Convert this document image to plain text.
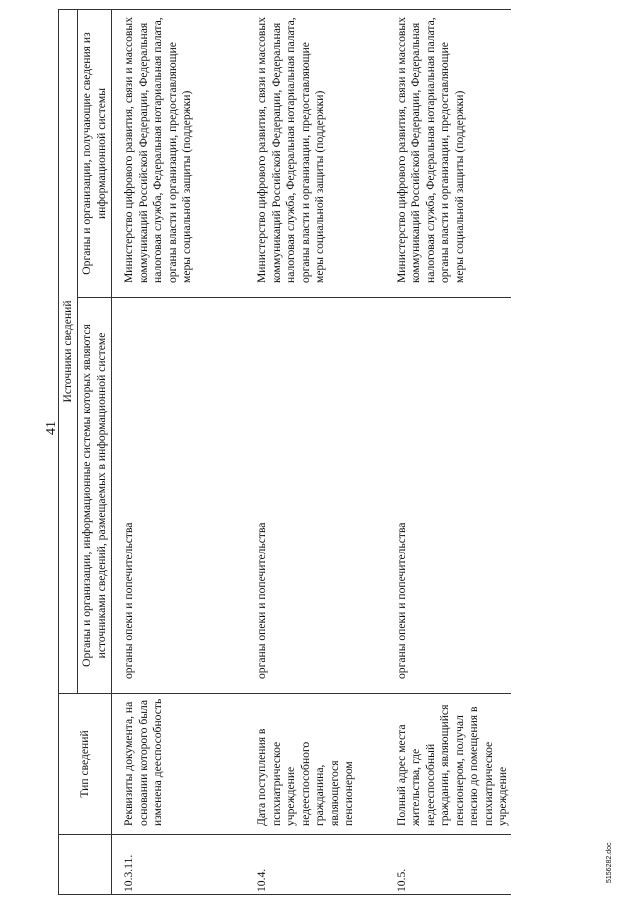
41
	Тип сведений	Источники сведений	
		Органы и организации, информационные системы которых являются источниками сведений, размещаемых в информационной системе	Органы и организации, получающие сведения из информационной системы
10.3.11.	Реквизиты документа, на основании которого была изменена дееспособность	органы опеки и попечительства	Министерство цифрового развития, связи и массовых коммуникаций Российской Федерации, Федеральная налоговая служба, Федеральная нотариальная палата, органы власти и организации, предоставляющие меры социальной защиты (поддержки)

10.4.	Дата поступления в психиатрическое учреждение недееспособного гражданина, являющегося пенсионером	органы опеки и попечительства	Министерство цифрового развития, связи и массовых коммуникаций Российской Федерации, Федеральная налоговая служба, Федеральная нотариальная палата, органы власти и организации, предоставляющие меры социальной защиты (поддержки)

10.5.	Полный адрес места жительства, где недееспособный гражданин, являющийся пенсионером, получал пенсию до помещения в психиатрическое учреждение	органы опеки и попечительства	Министерство цифрового развития, связи и массовых коммуникаций Российской Федерации, Федеральная налоговая служба, Федеральная нотариальная палата, органы власти и организации, предоставляющие меры социальной защиты (поддержки)
5156282.doc
